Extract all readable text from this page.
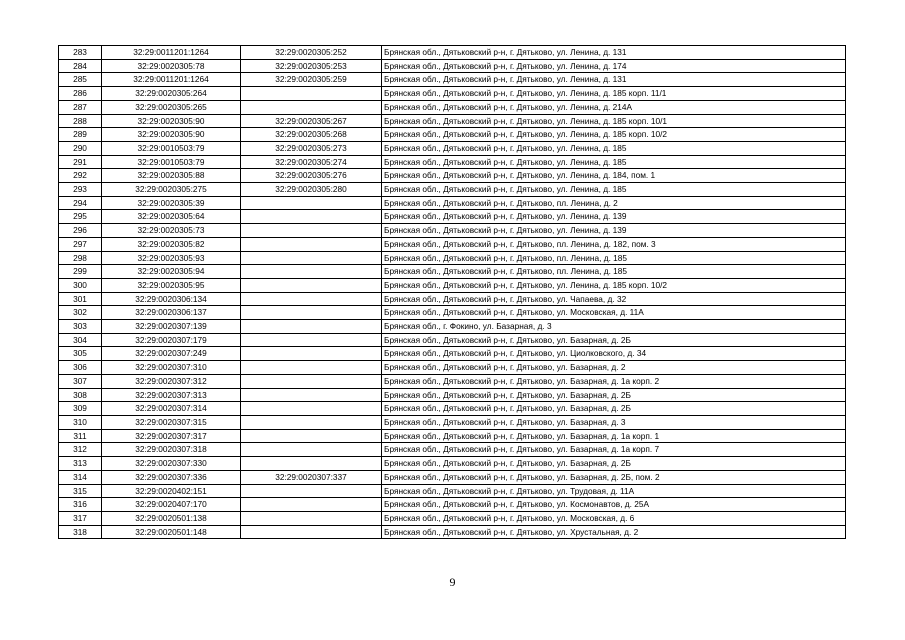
283	32:29:0011201:1264	32:29:0020305:252	Брянская обл., Дятьковский р-н, г. Дятьково, ул. Ленина, д. 131
284	32:29:0020305:78	32:29:0020305:253	Брянская обл., Дятьковский р-н, г. Дятьково, ул. Ленина, д. 174
285	32:29:0011201:1264	32:29:0020305:259	Брянская обл., Дятьковский р-н, г. Дятьково, ул. Ленина, д. 131
286	32:29:0020305:264		Брянская обл., Дятьковский р-н, г. Дятьково, ул. Ленина, д. 185 корп. 11/1
287	32:29:0020305:265		Брянская обл., Дятьковский р-н, г. Дятьково, ул. Ленина, д. 214А
288	32:29:0020305:90	32:29:0020305:267	Брянская обл., Дятьковский р-н, г. Дятьково, ул. Ленина, д. 185 корп. 10/1
289	32:29:0020305:90	32:29:0020305:268	Брянская обл., Дятьковский р-н, г. Дятьково, ул. Ленина, д. 185 корп. 10/2
290	32:29:0010503:79	32:29:0020305:273	Брянская обл., Дятьковский р-н, г. Дятьково, ул. Ленина, д. 185
291	32:29:0010503:79	32:29:0020305:274	Брянская обл., Дятьковский р-н, г. Дятьково, ул. Ленина, д. 185
292	32:29:0020305:88	32:29:0020305:276	Брянская обл., Дятьковский р-н, г. Дятьково, ул. Ленина, д. 184, пом. 1
293	32:29:0020305:275	32:29:0020305:280	Брянская обл., Дятьковский р-н, г. Дятьково, ул. Ленина, д. 185
294	32:29:0020305:39		Брянская обл., Дятьковский р-н, г. Дятьково, пл. Ленина, д. 2
295	32:29:0020305:64		Брянская обл., Дятьковский р-н, г. Дятьково, ул. Ленина, д. 139
296	32:29:0020305:73		Брянская обл., Дятьковский р-н, г. Дятьково, ул. Ленина, д. 139
297	32:29:0020305:82		Брянская обл., Дятьковский р-н, г. Дятьково, пл. Ленина, д. 182, пом. 3
298	32:29:0020305:93		Брянская обл., Дятьковский р-н, г. Дятьково, пл. Ленина, д. 185
299	32:29:0020305:94		Брянская обл., Дятьковский р-н, г. Дятьково, пл. Ленина, д. 185
300	32:29:0020305:95		Брянская обл., Дятьковский р-н, г. Дятьково, ул. Ленина, д. 185 корп. 10/2
301	32:29:0020306:134		Брянская обл., Дятьковский р-н, г. Дятьково, ул. Чапаева, д. 32
302	32:29:0020306:137		Брянская обл., Дятьковский р-н, г. Дятьково, ул. Московская, д. 11А
303	32:29:0020307:139		Брянская обл., г. Фокино, ул. Базарная, д. 3
304	32:29:0020307:179		Брянская обл., Дятьковский р-н, г. Дятьково, ул. Базарная, д. 2Б
305	32:29:0020307:249		Брянская обл., Дятьковский р-н, г. Дятьково, ул. Циолковского, д. 34
306	32:29:0020307:310		Брянская обл., Дятьковский р-н, г. Дятьково, ул. Базарная, д. 2
307	32:29:0020307:312		Брянская обл., Дятьковский р-н, г. Дятьково, ул. Базарная, д. 1а корп. 2
308	32:29:0020307:313		Брянская обл., Дятьковский р-н, г. Дятьково, ул. Базарная, д. 2Б
309	32:29:0020307:314		Брянская обл., Дятьковский р-н, г. Дятьково, ул. Базарная, д. 2Б
310	32:29:0020307:315		Брянская обл., Дятьковский р-н, г. Дятьково, ул. Базарная, д. 3
311	32:29:0020307:317		Брянская обл., Дятьковский р-н, г. Дятьково, ул. Базарная, д. 1а корп. 1
312	32:29:0020307:318		Брянская обл., Дятьковский р-н, г. Дятьково, ул. Базарная, д. 1а корп. 7
313	32:29:0020307:330		Брянская обл., Дятьковский р-н, г. Дятьково, ул. Базарная, д. 2Б
314	32:29:0020307:336	32:29:0020307:337	Брянская обл., Дятьковский р-н, г. Дятьково, ул. Базарная, д. 2Б, пом. 2
315	32:29:0020402:151		Брянская обл., Дятьковский р-н, г. Дятьково, ул. Трудовая, д. 11А
316	32:29:0020407:170		Брянская обл., Дятьковский р-н, г. Дятьково, ул. Космонавтов, д. 25А
317	32:29:0020501:138		Брянская обл., Дятьковский р-н, г. Дятьково, ул. Московская, д. 6
318	32:29:0020501:148		Брянская обл., Дятьковский р-н, г. Дятьково, ул. Хрустальная, д. 2
9
